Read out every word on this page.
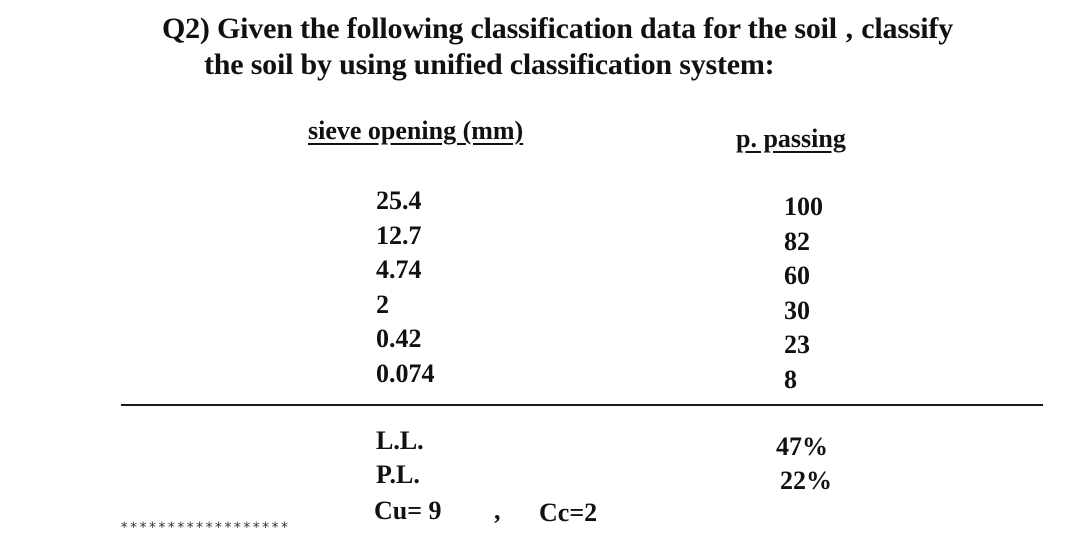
Q2) Given the following classification data for the soil ‚ classify
the soil by using unified classification system:
sieve opening (mm)	p. passing
25.4
12.7
4.74
2
0.42
0.074
100
82
60
30
23
8
L.L.
P.L.
47%
22%
Cu= 9 , Cc=2
******************
